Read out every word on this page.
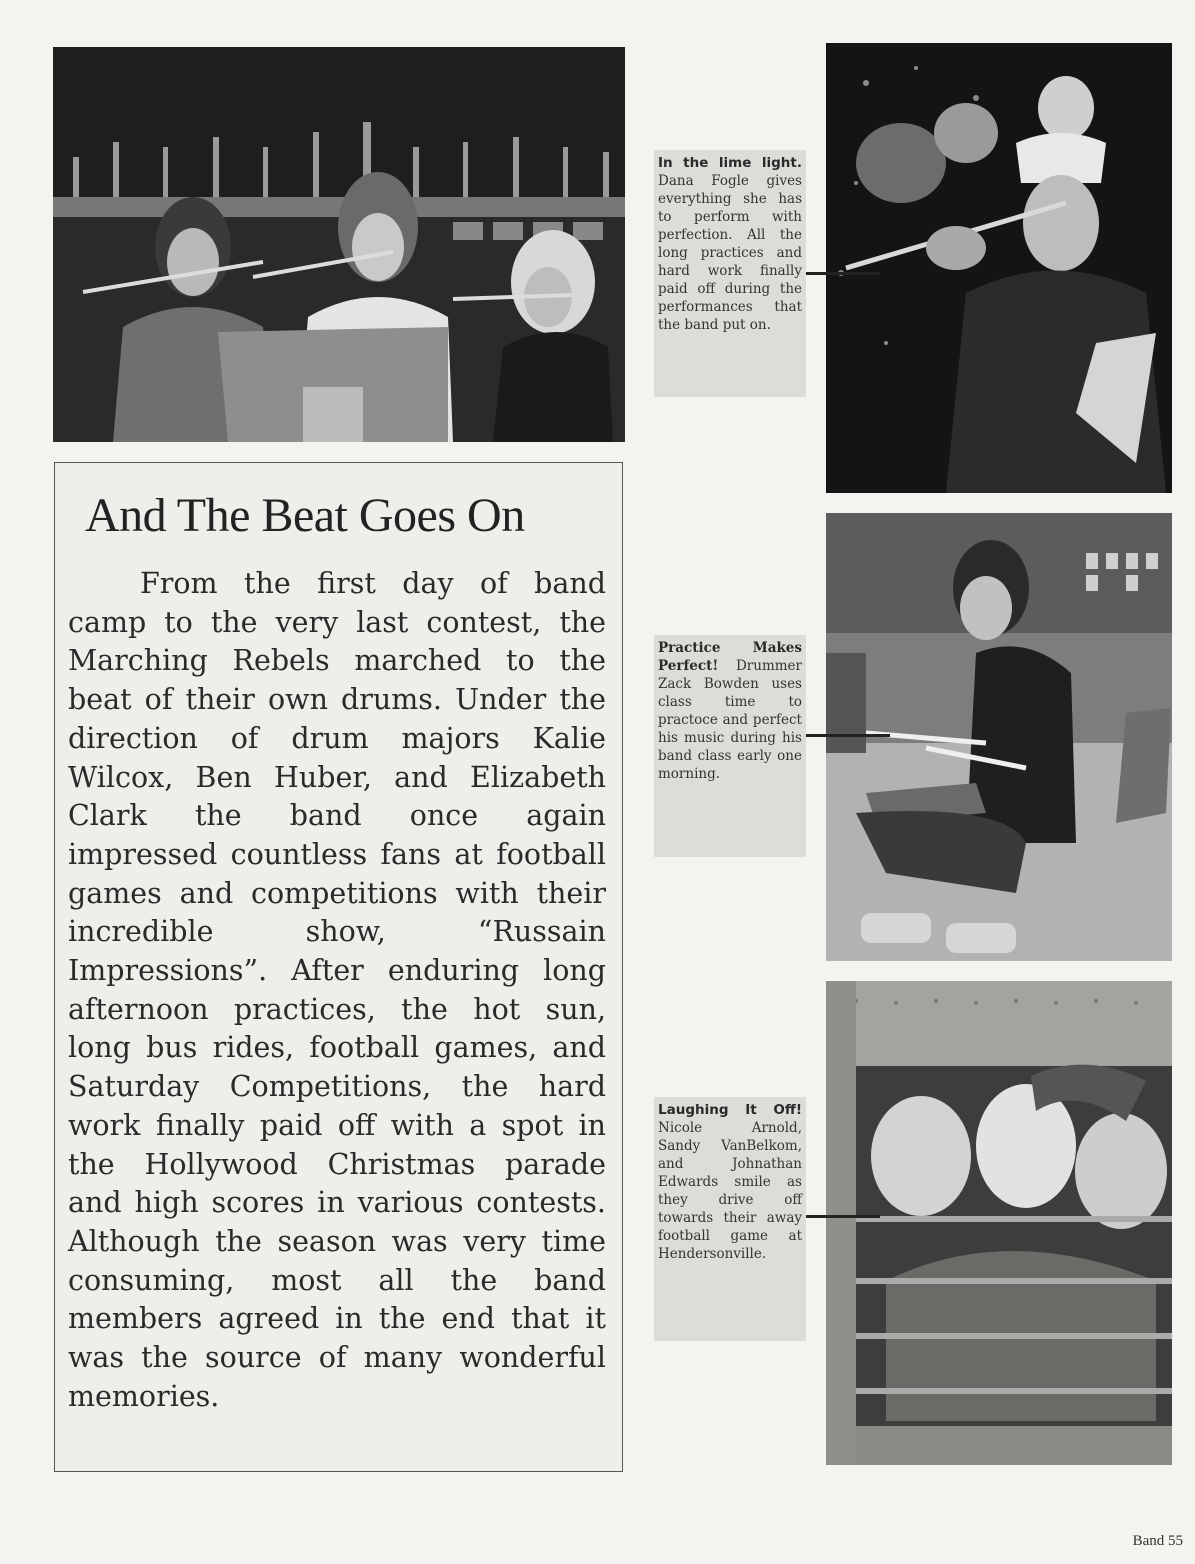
In the lime light. Dana Fogle gives everything she has to perform with perfection. All the long practices and hard work finally paid off during the performances that the band put on.
Practice Makes Perfect! Drummer Zack Bowden uses class time to practoce and perfect his music during his band class early one morning.
Laughing It Off! Nicole Arnold, Sandy VanBelkom, and Johnathan Edwards smile as they drive off towards their away football game at Hendersonville.
And The Beat Goes On
From the first day of band camp to the very last contest, the Marching Rebels marched to the beat of their own drums. Under the direction of drum majors Kalie Wilcox, Ben Huber, and Elizabeth Clark the band once again impressed countless fans at football games and competitions with their incredible show, “Russain Impressions”. After enduring long afternoon practices, the hot sun, long bus rides, football games, and Saturday Competitions, the hard work finally paid off with a spot in the Hollywood Christmas parade and high scores in various contests. Although the season was very time consuming, most all the band members agreed in the end that it was the source of many wonderful memories.
Band 55
